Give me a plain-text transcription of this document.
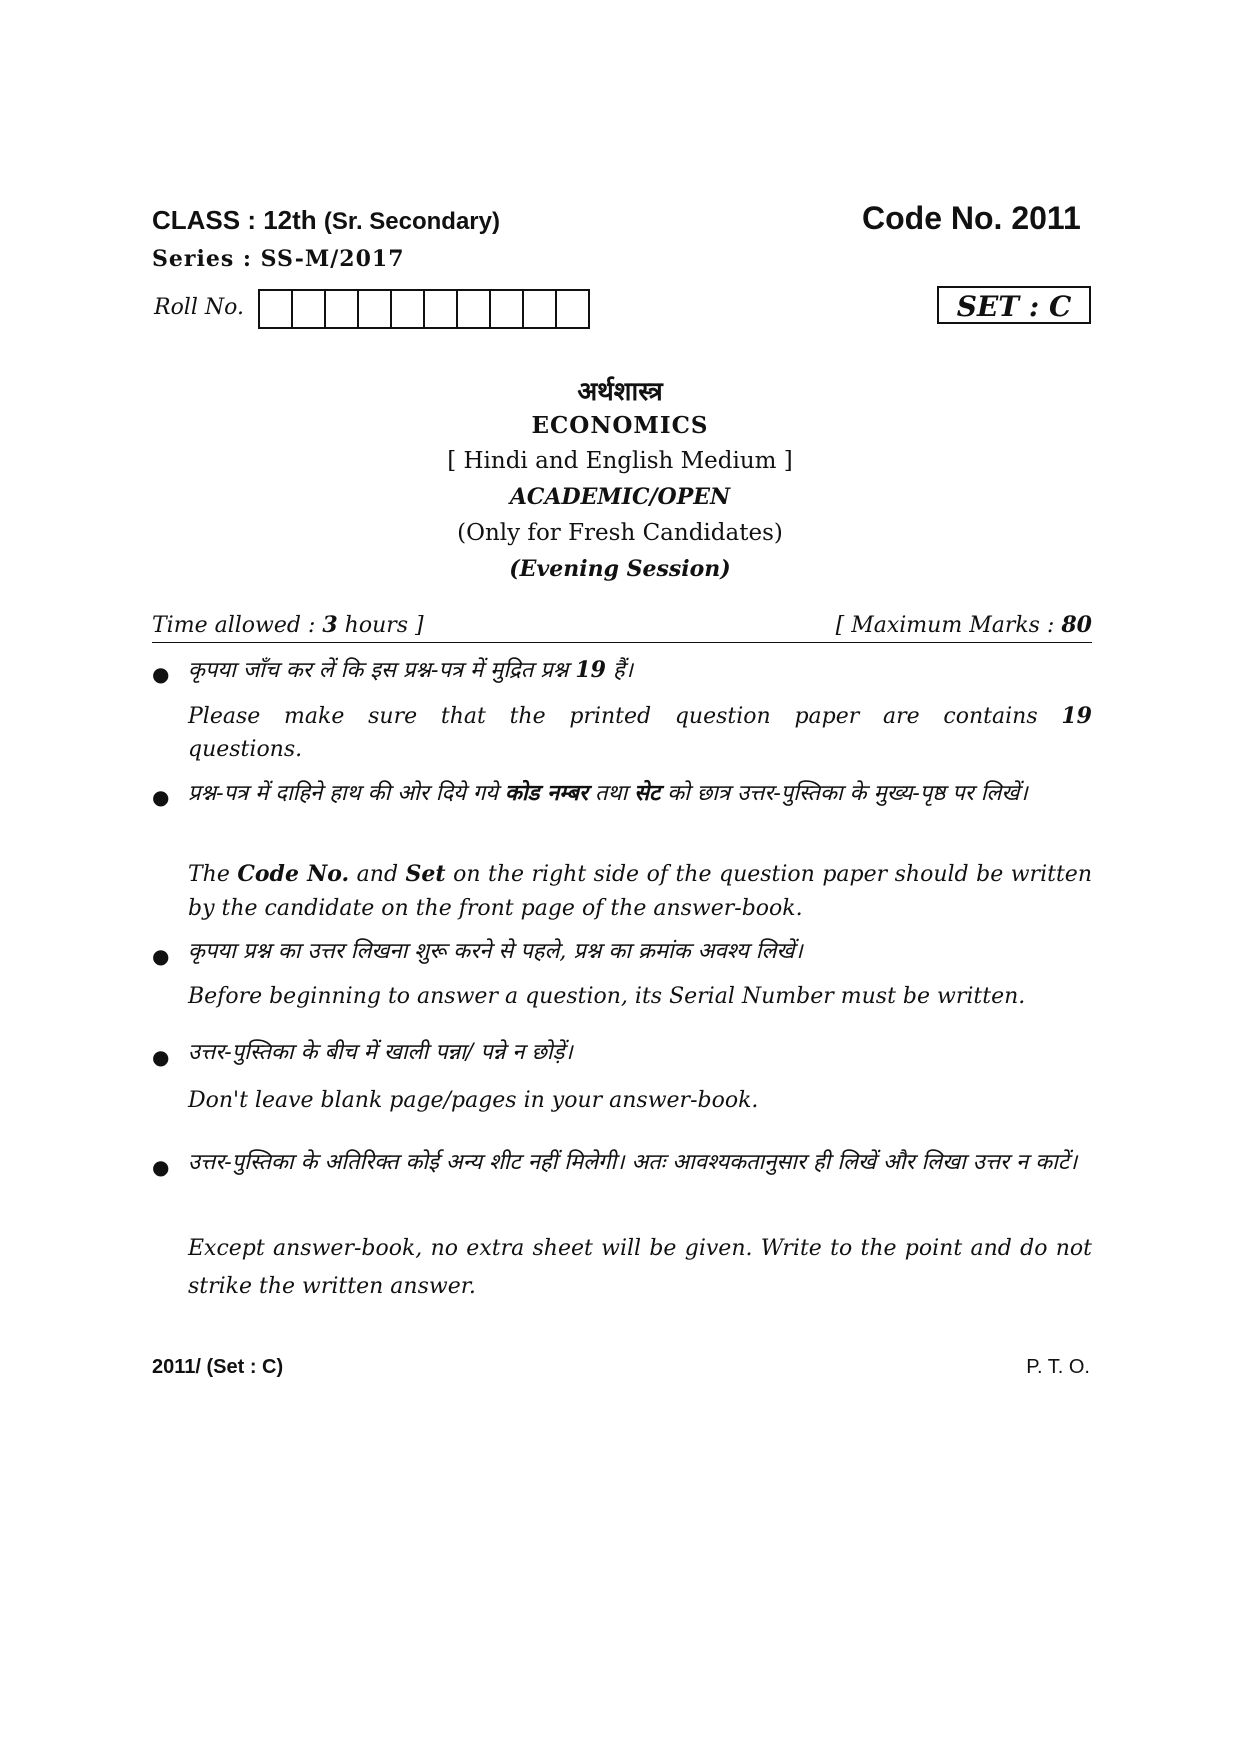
CLASS : 12th (Sr. Secondary)	Code No. 2011
Series : SS-M/2017
Roll No.	SET : C
अर्थशास्त्र
ECONOMICS
[ Hindi and English Medium ]
ACADEMIC/OPEN
(Only for Fresh Candidates)
(Evening Session)
Time allowed : 3 hours ]	[ Maximum Marks : 80
● कृपया जाँच कर लें कि इस प्रश्न-पत्र में मुद्रित प्रश्न 19 हैं।
Please make sure that the printed question paper are contains 19
questions.
● प्रश्न-पत्र में दाहिने हाथ की ओर दिये गये कोड नम्बर तथा सेट को छात्र उत्तर-पुस्तिका के मुख्य-पृष्ठ पर लिखें।
The Code No. and Set on the right side of the question paper should be written by the candidate on the front page of the answer-book.
● कृपया प्रश्न का उत्तर लिखना शुरू करने से पहले, प्रश्न का क्रमांक अवश्य लिखें।
Before beginning to answer a question, its Serial Number must be written.
● उत्तर-पुस्तिका के बीच में खाली पन्ना/ पन्ने न छोड़ें।
Don't leave blank page/pages in your answer-book.
● उत्तर-पुस्तिका के अतिरिक्त कोई अन्य शीट नहीं मिलेगी। अतः आवश्यकतानुसार ही लिखें और लिखा उत्तर न काटें।
Except answer-book, no extra sheet will be given. Write to the point and do not strike the written answer.
2011/ (Set : C)	P. T. O.
